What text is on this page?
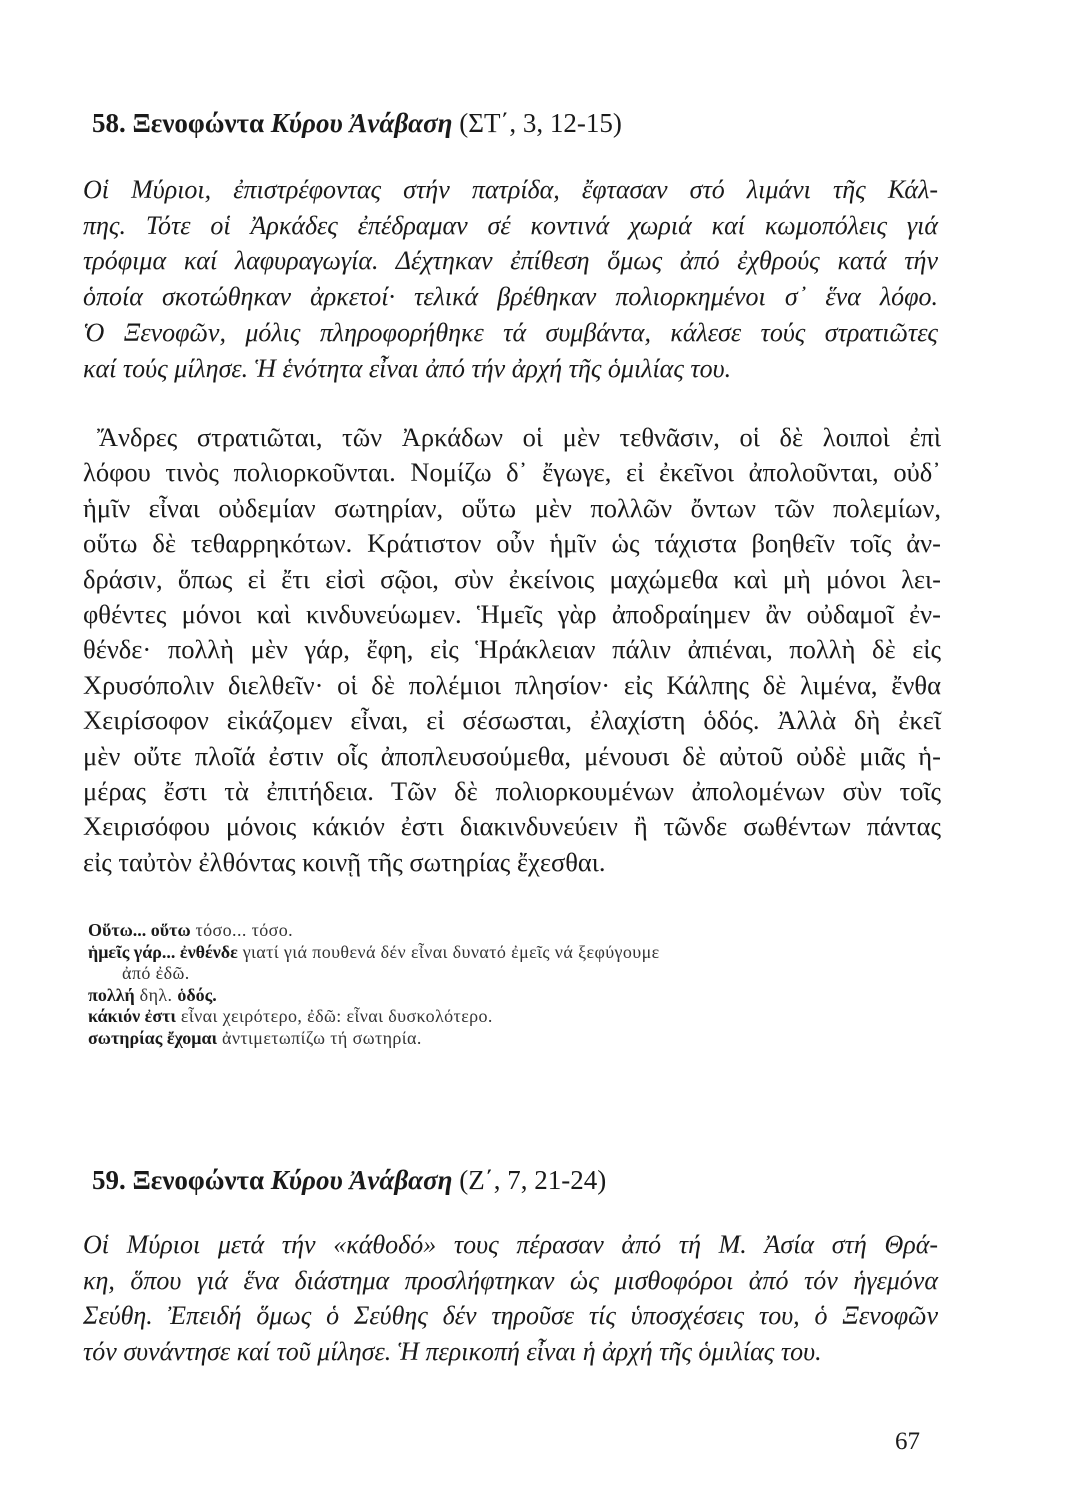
58. Ξενοφώντα Κύρου Ἀνάβαση (ΣΤ΄, 3, 12-15)
Οἱ Μύριοι, ἐπιστρέφοντας στήν πατρίδα, ἔφτασαν στό λιμάνι τῆς Κάλ-
πης. Τότε οἱ Ἀρκάδες ἐπέδραμαν σέ κοντινά χωριά καί κωμοπόλεις γιά
τρόφιμα καί λαφυραγωγία. Δέχτηκαν ἐπίθεση ὅμως ἀπό ἐχθρούς κατά τήν
ὁποία σκοτώθηκαν ἀρκετοί· τελικά βρέθηκαν πολιορκημένοι σ᾽ ἕνα λόφο.
Ὁ Ξενοφῶν, μόλις πληροφορήθηκε τά συμβάντα, κάλεσε τούς στρατιῶτες
καί τούς μίλησε. Ἡ ἑνότητα εἶναι ἀπό τήν ἀρχή τῆς ὁμιλίας του.
Ἄνδρες στρατιῶται, τῶν Ἀρκάδων οἱ μὲν τεθνᾶσιν, οἱ δὲ λοιποὶ ἐπὶ
λόφου τινὸς πολιορκοῦνται. Νομίζω δ᾽ ἔγωγε, εἰ ἐκεῖνοι ἀπολοῦνται, οὐδ᾽
ἡμῖν εἶναι οὐδεμίαν σωτηρίαν, οὕτω μὲν πολλῶν ὄντων τῶν πολεμίων,
οὕτω δὲ τεθαρρηκότων. Κράτιστον οὖν ἡμῖν ὡς τάχιστα βοηθεῖν τοῖς ἀν-
δράσιν, ὅπως εἰ ἔτι εἰσὶ σῷοι, σὺν ἐκείνοις μαχώμεθα καὶ μὴ μόνοι λει-
φθέντες μόνοι καὶ κινδυνεύωμεν. Ἡμεῖς γὰρ ἀποδραίημεν ἂν οὐδαμοῖ ἐν-
θένδε· πολλὴ μὲν γάρ, ἔφη, εἰς Ἡράκλειαν πάλιν ἀπιέναι, πολλὴ δὲ εἰς
Χρυσόπολιν διελθεῖν· οἱ δὲ πολέμιοι πλησίον· εἰς Κάλπης δὲ λιμένα, ἔνθα
Χειρίσοφον εἰκάζομεν εἶναι, εἰ σέσωσται, ἐλαχίστη ὁδός. Ἀλλὰ δὴ ἐκεῖ
μὲν οὔτε πλοῖά ἐστιν οἷς ἀποπλευσούμεθα, μένουσι δὲ αὐτοῦ οὐδὲ μιᾶς ἡ-
μέρας ἔστι τὰ ἐπιτήδεια. Τῶν δὲ πολιορκουμένων ἀπολομένων σὺν τοῖς
Χειρισόφου μόνοις κάκιόν ἐστι διακινδυνεύειν ἢ τῶνδε σωθέντων πάντας
εἰς ταὐτὸν ἐλθόντας κοινῇ τῆς σωτηρίας ἔχεσθαι.
Οὕτω... οὕτω τόσο... τόσο.
ἡμεῖς γάρ... ἐνθένδε γιατί γιά πουθενά δέν εἶναι δυνατό ἐμεῖς νά ξεφύγουμε
ἀπό ἐδῶ.
πολλή δηλ. ὁδός.
κάκιόν ἐστι εἶναι χειρότερο, ἐδῶ: εἶναι δυσκολότερο.
σωτηρίας ἔχομαι ἀντιμετωπίζω τή σωτηρία.
59. Ξενοφώντα Κύρου Ἀνάβαση (Ζ΄, 7, 21-24)
Οἱ Μύριοι μετά τήν «κάθοδό» τους πέρασαν ἀπό τή Μ. Ἀσία στή Θρά-
κη, ὅπου γιά ἕνα διάστημα προσλήφτηκαν ὡς μισθοφόροι ἀπό τόν ἡγεμόνα
Σεύθη. Ἐπειδή ὅμως ὁ Σεύθης δέν τηροῦσε τίς ὑποσχέσεις του, ὁ Ξενοφῶν
τόν συνάντησε καί τοῦ μίλησε. Ἡ περικοπή εἶναι ἡ ἀρχή τῆς ὁμιλίας του.
67
